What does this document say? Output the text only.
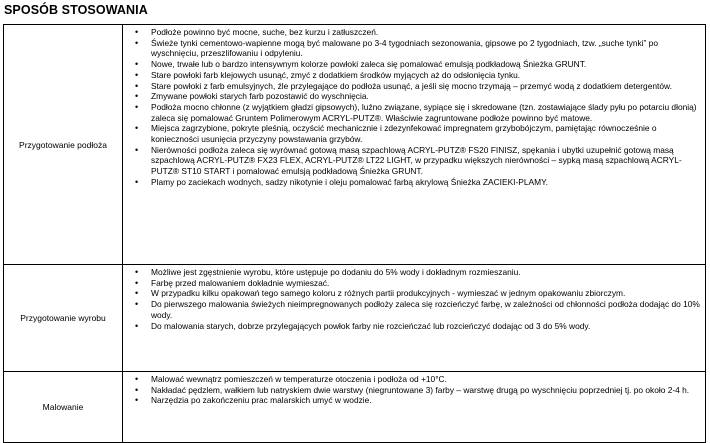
SPOSÓB STOSOWANIA
Przygotowanie podłoża
• Podłoże powinno być mocne, suche, bez kurzu i zatłuszczeń.
• Świeże tynki cementowo-wapienne mogą być malowane po 3-4 tygodniach sezonowania, gipsowe po 2 tygodniach, tzw. „suche tynki” po wyschnięciu, przeszlifowaniu i odpyleniu.
• Nowe, trwałe lub o bardzo intensywnym kolorze powłoki zaleca się pomalować emulsją podkładową Śnieżka GRUNT.
• Stare powłoki farb klejowych usunąć, zmyć z dodatkiem środków myjących aż do odsłonięcia tynku.
• Stare powłoki z farb emulsyjnych, źle przylegające do podłoża usunąć, a jeśli się mocno trzymają – przemyć wodą z dodatkiem detergentów.
• Zmywane powłoki starych farb pozostawić do wyschnięcia.
• Podłoża mocno chłonne (z wyjątkiem gładzi gipsowych), luźno związane, sypiące się i skredowane (tzn. zostawiające ślady pyłu po potarciu dłonią) zaleca się pomalować Gruntem Polimerowym ACRYL-PUTZ®. Właściwie zagruntowane podłoże powinno być matowe.
• Miejsca zagrzybione, pokryte pleśnią, oczyścić mechanicznie i zdezynfekować impregnatem grzybobójczym, pamiętając równocześnie o konieczności usunięcia przyczyny powstawania grzybów.
• Nierówności podłoża zaleca się wyrównać gotową masą szpachlową ACRYL-PUTZ® FS20 FINISZ, spękania i ubytki uzupełnić gotową masą szpachlową ACRYL-PUTZ® FX23 FLEX, ACRYL-PUTZ® LT22 LIGHT, w przypadku większych nierówności – sypką masą szpachlową ACRYL-PUTZ® ST10 START i pomalować emulsją podkładową Śnieżka GRUNT.
• Plamy po zaciekach wodnych, sadzy nikotynie i oleju pomalować farbą akrylową Śnieżka ZACIEKI-PLAMY.
Przygotowanie wyrobu
• Możliwe jest zgęstnienie wyrobu, które ustępuje po dodaniu do 5% wody i dokładnym rozmieszaniu.
• Farbę przed malowaniem dokładnie wymieszać.
• W przypadku kilku opakowań tego samego koloru z różnych partii produkcyjnych - wymieszać w jednym opakowaniu zbiorczym.
• Do pierwszego malowania świeżych nieimpregnowanych podłoży zaleca się rozcieńczyć farbę, w zależności od chłonności podłoża dodając do 10% wody.
• Do malowania starych, dobrze przylegających powłok farby nie rozcieńczać lub rozcieńczyć dodając od 3 do 5% wody.
Malowanie
• Malować wewnątrz pomieszczeń w temperaturze otoczenia i podłoża od +10°C.
• Nakładać pędzlem, wałkiem lub natryskiem dwie warstwy (niegruntowane 3) farby – warstwę drugą po wyschnięciu poprzedniej tj. po około 2-4 h.
• Narzędzia po zakończeniu prac malarskich umyć w wodzie.
